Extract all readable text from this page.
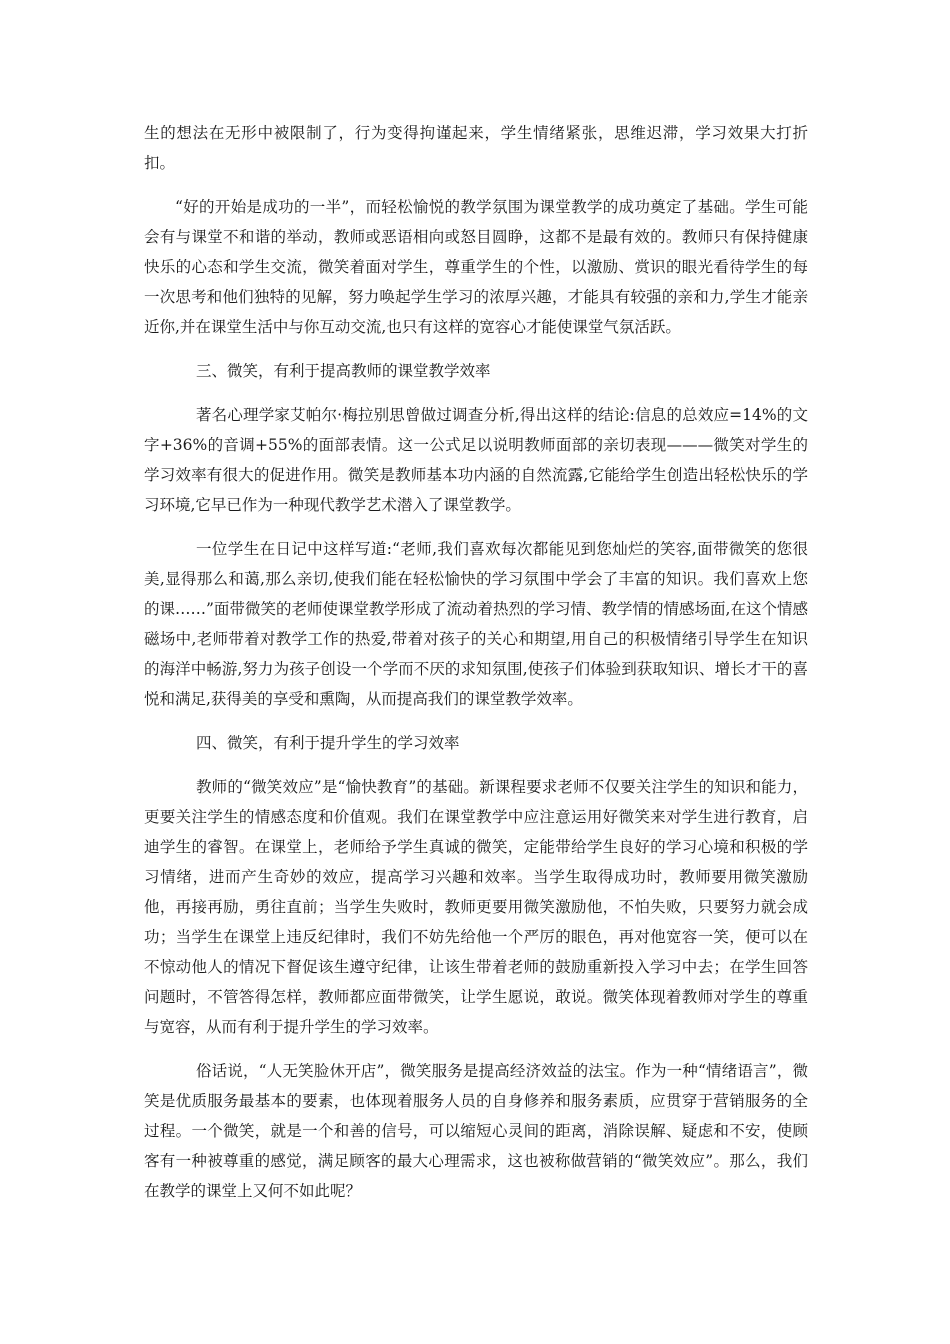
生的想法在无形中被限制了，行为变得拘谨起来，学生情绪紧张，思维迟滞，学习效果大打折扣。

“好的开始是成功的一半”，而轻松愉悦的教学氛围为课堂教学的成功奠定了基础。学生可能会有与课堂不和谐的举动，教师或恶语相向或怒目圆睁，这都不是最有效的。教师只有保持健康快乐的心态和学生交流，微笑着面对学生，尊重学生的个性，以激励、赏识的眼光看待学生的每一次思考和他们独特的见解，努力唤起学生学习的浓厚兴趣，才能具有较强的亲和力,学生才能亲近你,并在课堂生活中与你互动交流,也只有这样的宽容心才能使课堂气氛活跃。

三、微笑，有利于提高教师的课堂教学效率

著名心理学家艾帕尔·梅拉别思曾做过调查分析,得出这样的结论:信息的总效应=14%的文字+36%的音调+55%的面部表情。这一公式足以说明教师面部的亲切表现———微笑对学生的学习效率有很大的促进作用。微笑是教师基本功内涵的自然流露,它能给学生创造出轻松快乐的学习环境,它早已作为一种现代教学艺术潜入了课堂教学。

一位学生在日记中这样写道:“老师,我们喜欢每次都能见到您灿烂的笑容,面带微笑的您很美,显得那么和蔼,那么亲切,使我们能在轻松愉快的学习氛围中学会了丰富的知识。我们喜欢上您的课……”面带微笑的老师使课堂教学形成了流动着热烈的学习情、教学情的情感场面,在这个情感磁场中,老师带着对教学工作的热爱,带着对孩子的关心和期望,用自己的积极情绪引导学生在知识的海洋中畅游,努力为孩子创设一个学而不厌的求知氛围,使孩子们体验到获取知识、增长才干的喜悦和满足,获得美的享受和熏陶，从而提高我们的课堂教学效率。

四、微笑，有利于提升学生的学习效率

教师的“微笑效应”是“愉快教育”的基础。新课程要求老师不仅要关注学生的知识和能力，更要关注学生的情感态度和价值观。我们在课堂教学中应注意运用好微笑来对学生进行教育，启迪学生的睿智。在课堂上，老师给予学生真诚的微笑，定能带给学生良好的学习心境和积极的学习情绪，进而产生奇妙的效应，提高学习兴趣和效率。当学生取得成功时，教师要用微笑激励他，再接再励，勇往直前；当学生失败时，教师更要用微笑激励他，不怕失败，只要努力就会成功；当学生在课堂上违反纪律时，我们不妨先给他一个严厉的眼色，再对他宽容一笑，便可以在不惊动他人的情况下督促该生遵守纪律，让该生带着老师的鼓励重新投入学习中去；在学生回答问题时，不管答得怎样，教师都应面带微笑，让学生愿说，敢说。微笑体现着教师对学生的尊重与宽容，从而有利于提升学生的学习效率。

俗话说，“人无笑脸休开店”，微笑服务是提高经济效益的法宝。作为一种“情绪语言”，微笑是优质服务最基本的要素，也体现着服务人员的自身修养和服务素质，应贯穿于营销服务的全过程。一个微笑，就是一个和善的信号，可以缩短心灵间的距离，消除误解、疑虑和不安，使顾客有一种被尊重的感觉，满足顾客的最大心理需求，这也被称做营销的“微笑效应”。那么，我们在教学的课堂上又何不如此呢？
